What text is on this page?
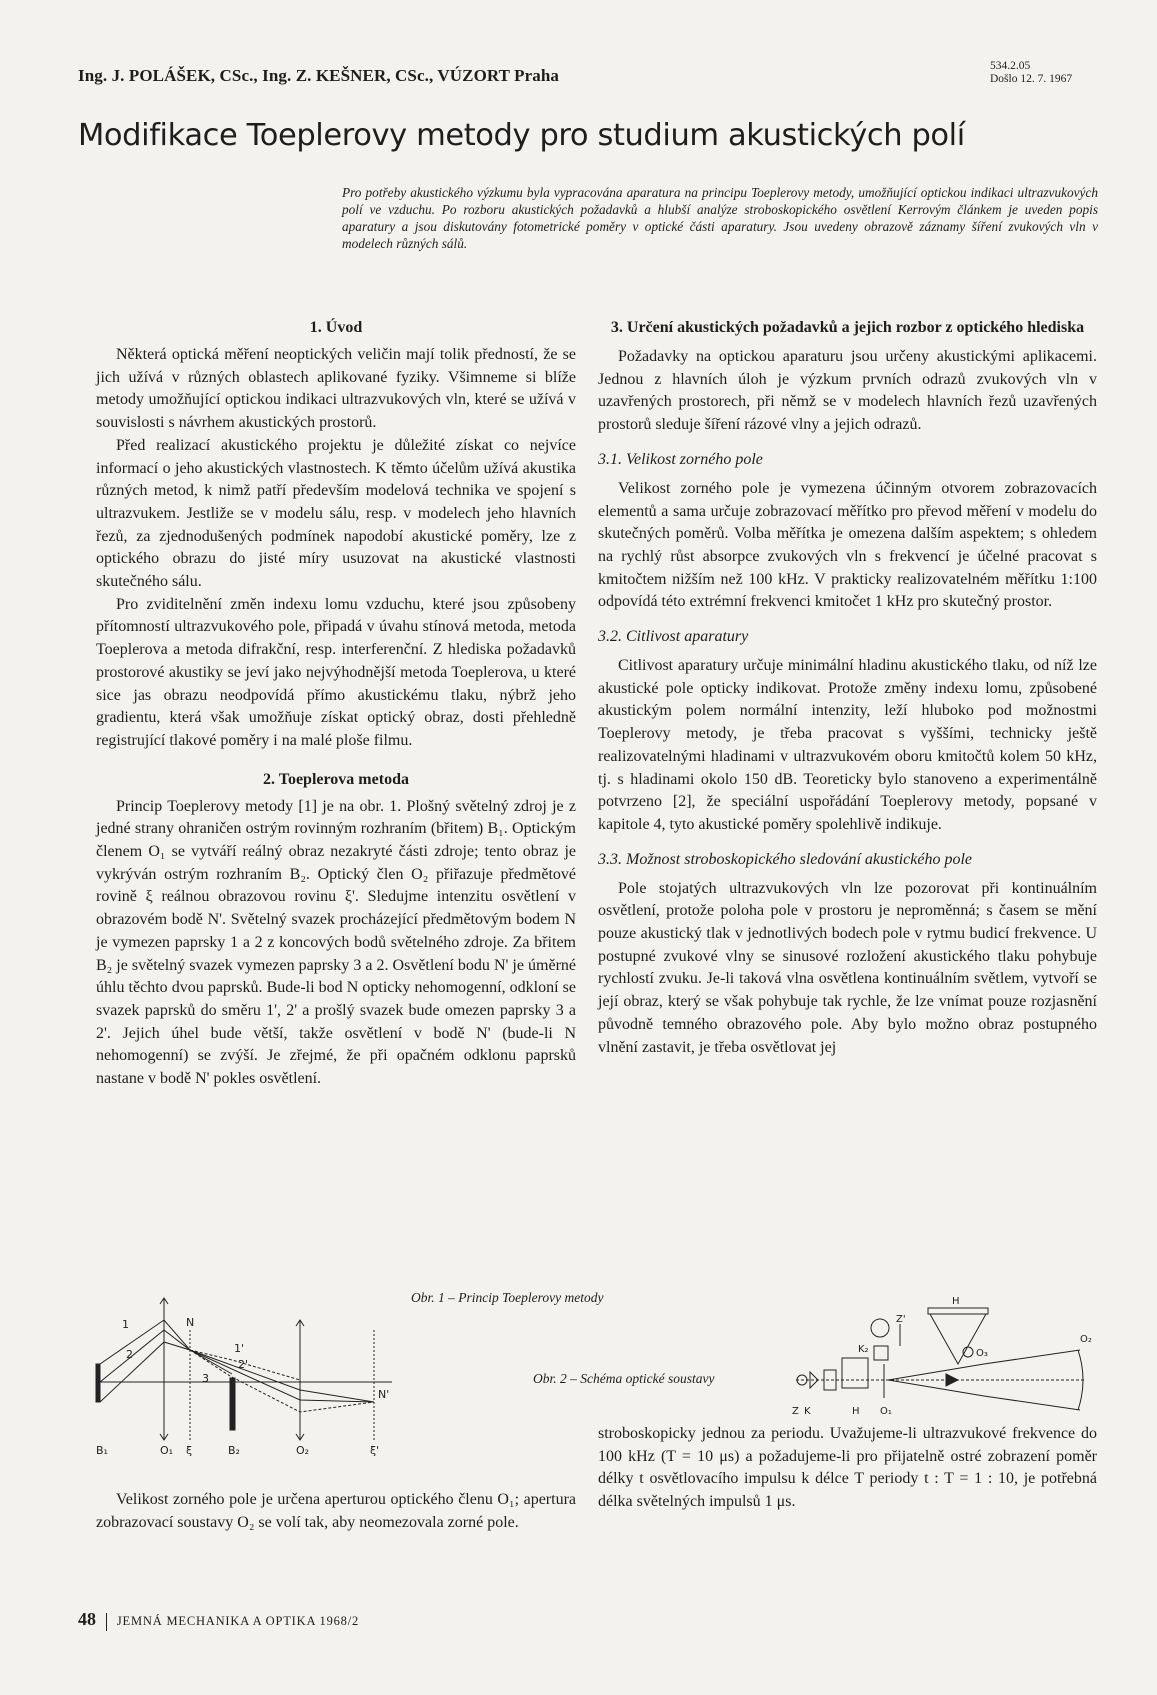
Ing. J. POLÁŠEK, CSc., Ing. Z. KEŠNER, CSc., VÚZORT Praha	534.2.05
Došlo 12. 7. 1967
Modifikace Toeplerovy metody pro studium akustických polí
Pro potřeby akustického výzkumu byla vypracována aparatura na principu Toeplerovy metody, umožňující optickou indikaci ultrazvukových polí ve vzduchu. Po rozboru akustických požadavků a hlubší analýze stroboskopického osvětlení Kerrovým článkem je uveden popis aparatury a jsou diskutovány fotometrické poměry v optické části aparatury. Jsou uvedeny obrazově záznamy šíření zvukových vln v modelech různých sálů.
1. Úvod

Některá optická měření neoptických veličin mají tolik předností, že se jich užívá v různých oblastech aplikované fyziky. Všimneme si blíže metody umožňující optickou indikaci ultrazvukových vln, které se užívá v souvislosti s návrhem akustických prostorů.

Před realizací akustického projektu je důležité získat co nejvíce informací o jeho akustických vlastnostech. K těmto účelům užívá akustika různých metod, k nimž patří především modelová technika ve spojení s ultrazvukem. Jestliže se v modelu sálu, resp. v modelech jeho hlavních řezů, za zjednodušených podmínek napodobí akustické poměry, lze z optického obrazu do jisté míry usuzovat na akustické vlastnosti skutečného sálu.

Pro zviditelnění změn indexu lomu vzduchu, které jsou způsobeny přítomností ultrazvukového pole, připadá v úvahu stínová metoda, metoda Toeplerova a metoda difrakční, resp. interferenční. Z hlediska požadavků prostorové akustiky se jeví jako nejvýhodnější metoda Toeplerova, u které sice jas obrazu neodpovídá přímo akustickému tlaku, nýbrž jeho gradientu, která však umožňuje získat optický obraz, dosti přehledně registrující tlakové poměry i na malé ploše filmu.

2. Toeplerova metoda

Princip Toeplerovy metody [1] je na obr. 1. Plošný světelný zdroj je z jedné strany ohraničen ostrým rovinným rozhraním (břitem) B₁. Optickým členem O₁ se vytváří reálný obraz nezakryté části zdroje; tento obraz je vykrýván ostrým rozhraním B₂. Optický člen O₂ přiřazuje předmětové rovině ξ reálnou obrazovou rovinu ξ'. Sledujme intenzitu osvětlení v obrazovém bodě N'. Světelný svazek procházející předmětovým bodem N je vymezen paprsky 1 a 2 z koncových bodů světelného zdroje. Za břitem B₂ je světelný svazek vymezen paprsky 3 a 2. Osvětlení bodu N' je úměrné úhlu těchto dvou paprsků. Bude-li bod N opticky nehomogenní, odkloní se svazek paprsků do směru 1', 2' a prošlý svazek bude omezen paprsky 3 a 2'. Jejich úhel bude větší, takže osvětlení v bodě N' (bude-li N nehomogenní) se zvýší. Je zřejmé, že při opačném odklonu paprsků nastane v bodě N' pokles osvětlení.

Velikost zorného pole je určena aperturou optického členu O₁; apertura zobrazovací soustavy O₂ se volí tak, aby neomezovala zorné pole.

3. Určení akustických požadavků a jejich rozbor z optického hlediska

Požadavky na optickou aparaturu jsou určeny akustickými aplikacemi. Jednou z hlavních úloh je výzkum prvních odrazů zvukových vln v uzavřených prostorech, při němž se v modelech hlavních řezů uzavřených prostorů sleduje šíření rázové vlny a jejich odrazů.

3.1. Velikost zorného pole

Velikost zorného pole je vymezena účinným otvorem zobrazovacích elementů a sama určuje zobrazovací měřítko pro převod měření v modelu do skutečných poměrů. Volba měřítka je omezena dalším aspektem; s ohledem na rychlý růst absorpce zvukových vln s frekvencí je účelné pracovat s kmitočtem nižším než 100 kHz. V prakticky realizovatelném měřítku 1:100 odpovídá této extrémní frekvenci kmitočet 1 kHz pro skutečný prostor.

3.2. Citlivost aparatury

Citlivost aparatury určuje minimální hladinu akustického tlaku, od níž lze akustické pole opticky indikovat. Protože změny indexu lomu, způsobené akustickým polem normální intenzity, leží hluboko pod možnostmi Toeplerovy metody, je třeba pracovat s vyššími, technicky ještě realizovatelnými hladinami v ultrazvukovém oboru kmitočtů kolem 50 kHz, tj. s hladinami okolo 150 dB. Teoreticky bylo stanoveno a experimentálně potvrzeno [2], že speciální uspořádání Toeplerovy metody, popsané v kapitole 4, tyto akustické poměry spolehlivě indikuje.

3.3. Možnost stroboskopického sledování akustického pole

Pole stojatých ultrazvukových vln lze pozorovat při kontinuálním osvětlení, protože poloha pole v prostoru je neproměnná; s časem se mění pouze akustický tlak v jednotlivých bodech pole v rytmu budicí frekvence. U postupné zvukové vlny se sinusové rozložení akustického tlaku pohybuje rychlostí zvuku. Je-li taková vlna osvětlena kontinuálním světlem, vytvoří se její obraz, který se však pohybuje tak rychle, že lze vnímat pouze rozjasnění původně temného obrazového pole. Aby bylo možno obraz postupného vlnění zastavit, je třeba osvětlovat jej

stroboskopicky jednou za periodu. Uvažujeme-li ultrazvukové frekvence do 100 kHz (T = 10 μs) a požadujeme-li pro přijatelně ostré zobrazení poměr délky t osvětlovacího impulsu k délce T periody t : T = 1 : 10, je potřebná délka světelných impulsů 1 μs.

Obr. 1 – Princip Toeplerovy metody
Obr. 2 – Schéma optické soustavy
1
2
3
1'
2'
N
N'
B₁	O₁ ξ	B₂	O₂	ξ'
H
Z'
K₂	O₃
O₂
Z K	H O₁
48 JEMNÁ MECHANIKA A OPTIKA 1968/2
